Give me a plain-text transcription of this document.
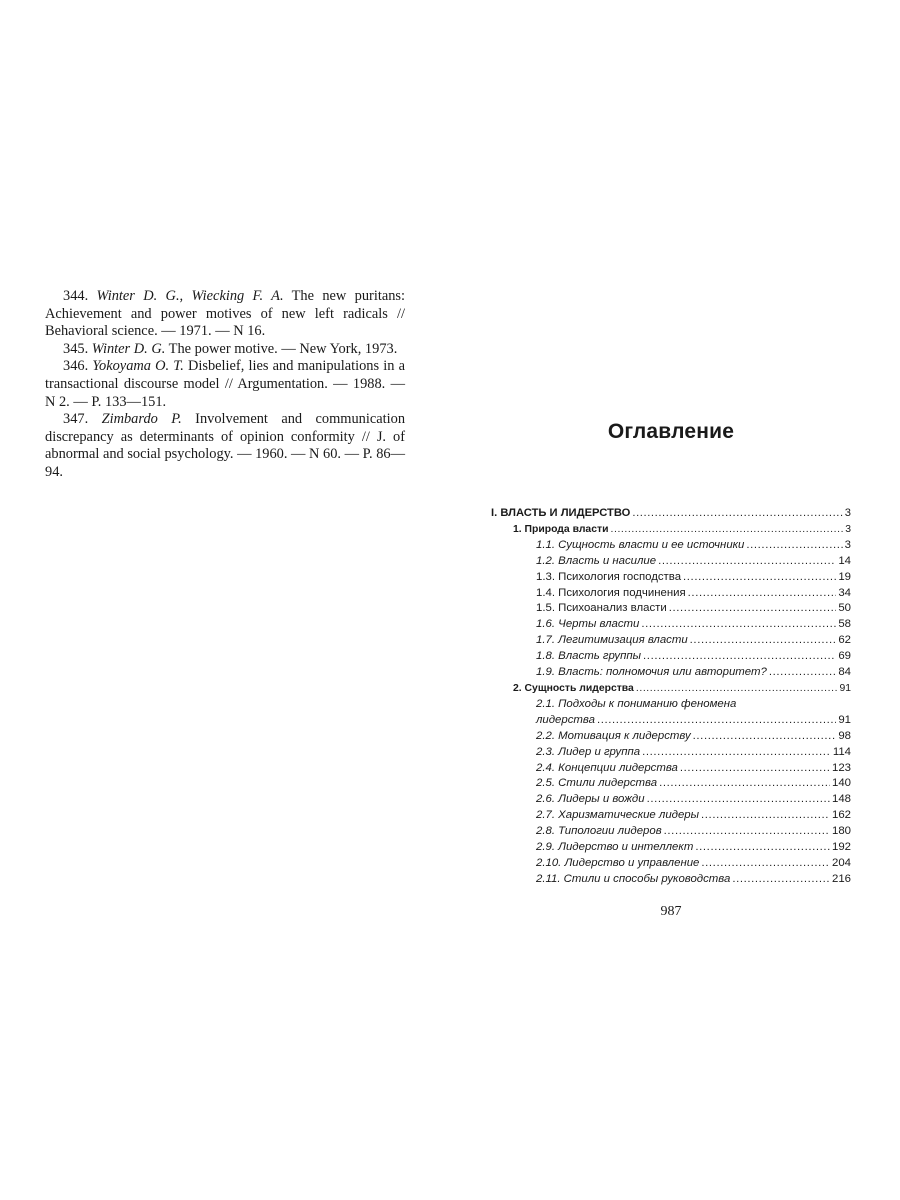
344. Winter D. G., Wiecking F. A. The new puritans: Achievement and power motives of new left radicals // Behavioral science. — 1971. — N 16.

345. Winter D. G. The power motive. — New York, 1973.

346. Yokoyama O. T. Disbelief, lies and manipulations in a transactional discourse model // Argumentation. — 1988. — N 2. — P. 133—151.

347. Zimbardo P. Involvement and communication discrepancy as determinants of opinion conformity // J. of abnormal and social psychology. — 1960. — N 60. — P. 86—94.

Оглавление
I. ВЛАСТЬ И ЛИДЕРСТВО .....	3
1. Природа власти .....	3
1.1. Сущность власти и ее источники .....	3
1.2. Власть и насилие .....	14
1.3. Психология господства .....	19
1.4. Психология подчинения .....	34
1.5. Психоанализ власти .....	50
1.6. Черты власти .....	58
1.7. Легитимизация власти .....	62
1.8. Власть группы .....	69
1.9. Власть: полномочия или авторитет? .....	84
2. Сущность лидерства .....	91
2.1. Подходы к пониманию феномена
лидерства .....	91
2.2. Мотивация к лидерству .....	98
2.3. Лидер и группа .....	114
2.4. Концепции лидерства .....	123
2.5. Стили лидерства .....	140
2.6. Лидеры и вожди .....	148
2.7. Харизматические лидеры .....	162
2.8. Типологии лидеров .....	180
2.9. Лидерство и интеллект .....	192
2.10. Лидерство и управление .....	204
2.11. Стили и способы руководства .....	216
987
